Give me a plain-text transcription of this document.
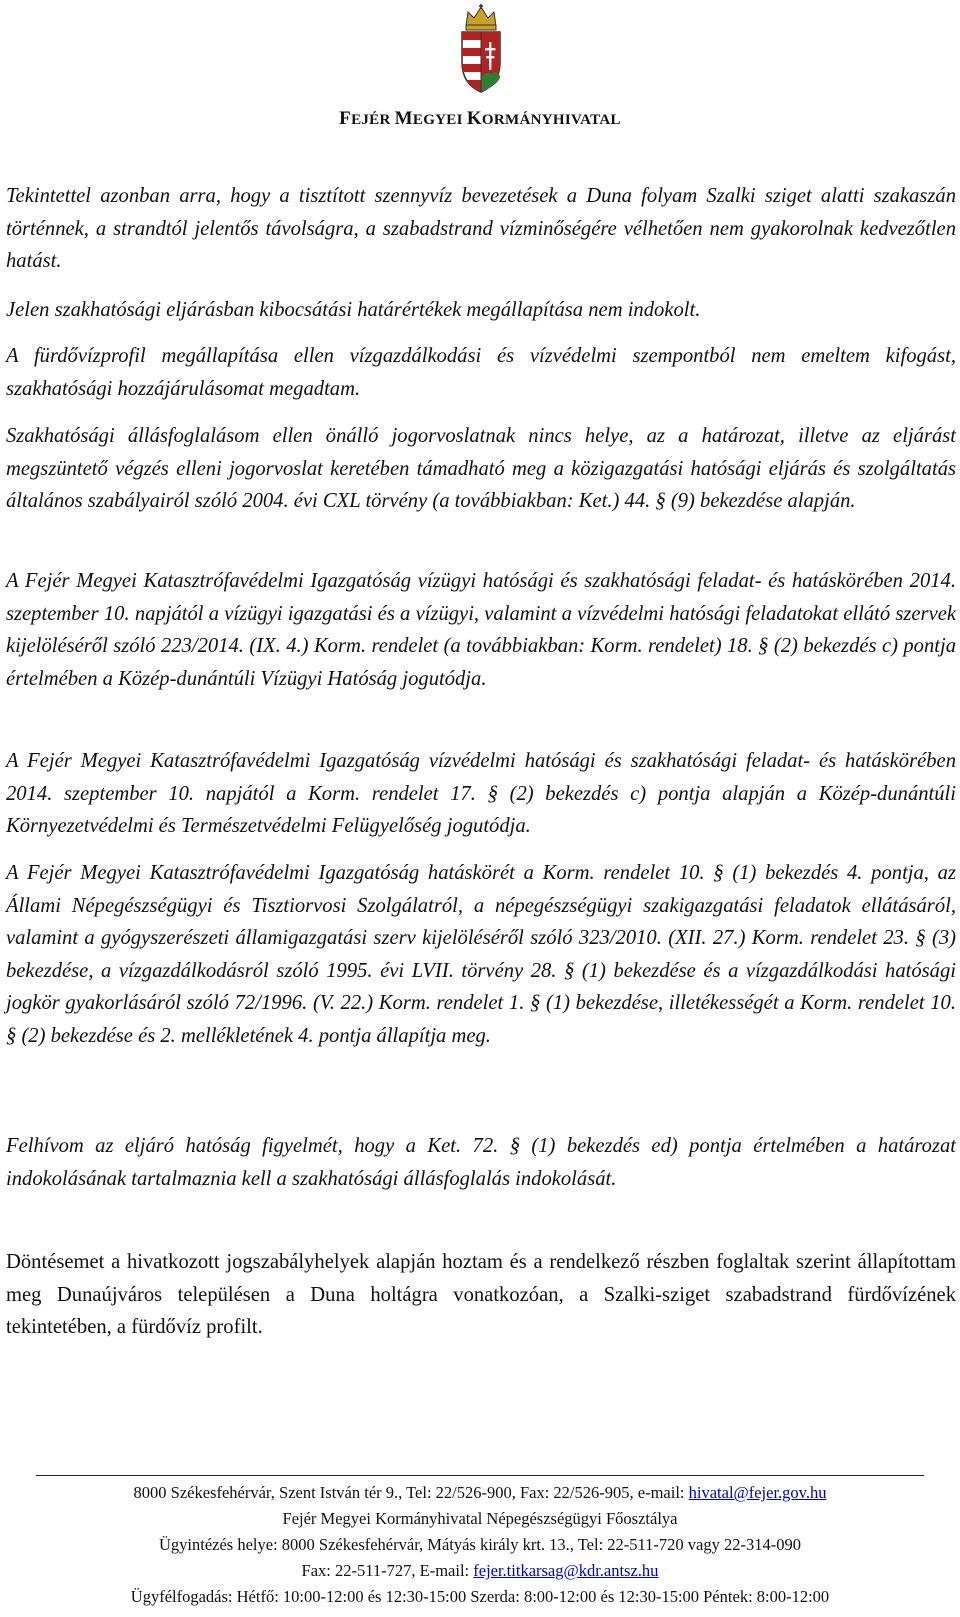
FEJÉR MEGYEI KORMÁNYHIVATAL

Tekintettel azonban arra, hogy a tisztított szennyvíz bevezetések a Duna folyam Szalki sziget alatti szakaszán történnek, a strandtól jelentős távolságra, a szabadstrand vízminőségére vélhetően nem gyakorolnak kedvezőtlen hatást.

Jelen szakhatósági eljárásban kibocsátási határértékek megállapítása nem indokolt.

A fürdővízprofil megállapítása ellen vízgazdálkodási és vízvédelmi szempontból nem emeltem kifogást, szakhatósági hozzájárulásomat megadtam.

Szakhatósági állásfoglalásom ellen önálló jogorvoslatnak nincs helye, az a határozat, illetve az eljárást megszüntető végzés elleni jogorvoslat keretében támadható meg a közigazgatási hatósági eljárás és szolgáltatás általános szabályairól szóló 2004. évi CXL törvény (a továbbiakban: Ket.) 44. § (9) bekezdése alapján.

A Fejér Megyei Katasztrófavédelmi Igazgatóság vízügyi hatósági és szakhatósági feladat- és hatáskörében 2014. szeptember 10. napjától a vízügyi igazgatási és a vízügyi, valamint a vízvédelmi hatósági feladatokat ellátó szervek kijelöléséről szóló 223/2014. (IX. 4.) Korm. rendelet (a továbbiakban: Korm. rendelet) 18. § (2) bekezdés c) pontja értelmében a Közép-dunántúli Vízügyi Hatóság jogutódja.

A Fejér Megyei Katasztrófavédelmi Igazgatóság vízvédelmi hatósági és szakhatósági feladat- és hatáskörében 2014. szeptember 10. napjától a Korm. rendelet 17. § (2) bekezdés c) pontja alapján a Közép-dunántúli Környezetvédelmi és Természetvédelmi Felügyelőség jogutódja.

A Fejér Megyei Katasztrófavédelmi Igazgatóság hatáskörét a Korm. rendelet 10. § (1) bekezdés 4. pontja, az Állami Népegészségügyi és Tisztiorvosi Szolgálatról, a népegészségügyi szakigazgatási feladatok ellátásáról, valamint a gyógyszerészeti államigazgatási szerv kijelöléséről szóló 323/2010. (XII. 27.) Korm. rendelet 23. § (3) bekezdése, a vízgazdálkodásról szóló 1995. évi LVII. törvény 28. § (1) bekezdése és a vízgazdálkodási hatósági jogkör gyakorlásáról szóló 72/1996. (V. 22.) Korm. rendelet 1. § (1) bekezdése, illetékességét a Korm. rendelet 10. § (2) bekezdése és 2. mellékletének 4. pontja állapítja meg.

Felhívom az eljáró hatóság figyelmét, hogy a Ket. 72. § (1) bekezdés ed) pontja értelmében a határozat indokolásának tartalmaznia kell a szakhatósági állásfoglalás indokolását.

Döntésemet a hivatkozott jogszabályhelyek alapján hoztam és a rendelkező részben foglaltak szerint állapítottam meg Dunaújváros településen a Duna holtágra vonatkozóan, a Szalki-sziget szabadstrand fürdővízének tekintetében, a fürdővíz profilt.

8000 Székesfehérvár, Szent István tér 9., Tel: 22/526-900, Fax: 22/526-905, e-mail: hivatal@fejer.gov.hu
Fejér Megyei Kormányhivatal Népegészségügyi Főosztálya
Ügyintézés helye: 8000 Székesfehérvár, Mátyás király krt. 13., Tel: 22-511-720 vagy 22-314-090
Fax: 22-511-727, E-mail: fejer.titkarsag@kdr.antsz.hu
Ügyfélfogadás: Hétfő: 10:00-12:00 és 12:30-15:00 Szerda: 8:00-12:00 és 12:30-15:00 Péntek: 8:00-12:00
